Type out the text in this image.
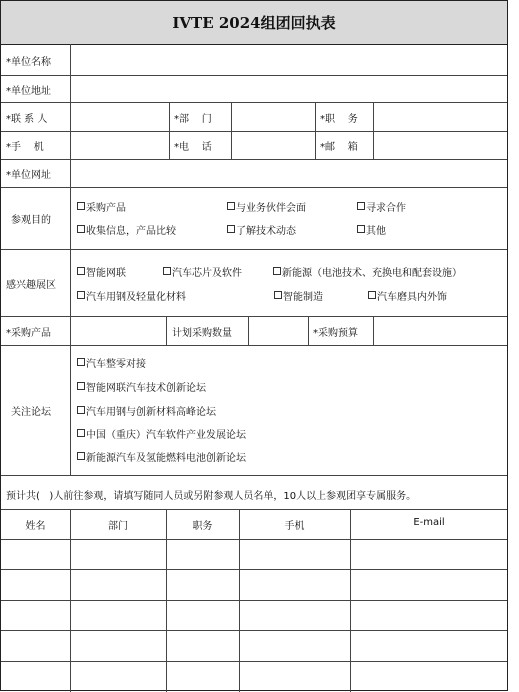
IVTE 2024组团回执表
*单位名称
*单位地址
*联 系 人	*部    门	*职    务
*手    机	*电    话	*邮    箱
*单位网址
参观目的
采购产品	与业务伙伴会面	寻求合作
收集信息，产品比较	了解技术动态	其他
感兴趣展区
智能网联	汽车芯片及软件	新能源（电池技术、充换电和配套设施）
汽车用钢及轻量化材料	智能制造	汽车磨具内外饰
*采购产品	计划采购数量	*采购预算
关注论坛
汽车整零对接
智能网联汽车技术创新论坛
汽车用钢与创新材料高峰论坛
中国（重庆）汽车软件产业发展论坛
新能源汽车及氢能燃料电池创新论坛
预计共(   )人前往参观，请填写随同人员或另附参观人员名单，10人以上参观团享专属服务。
姓名	部门	职务	手机	E-mail
